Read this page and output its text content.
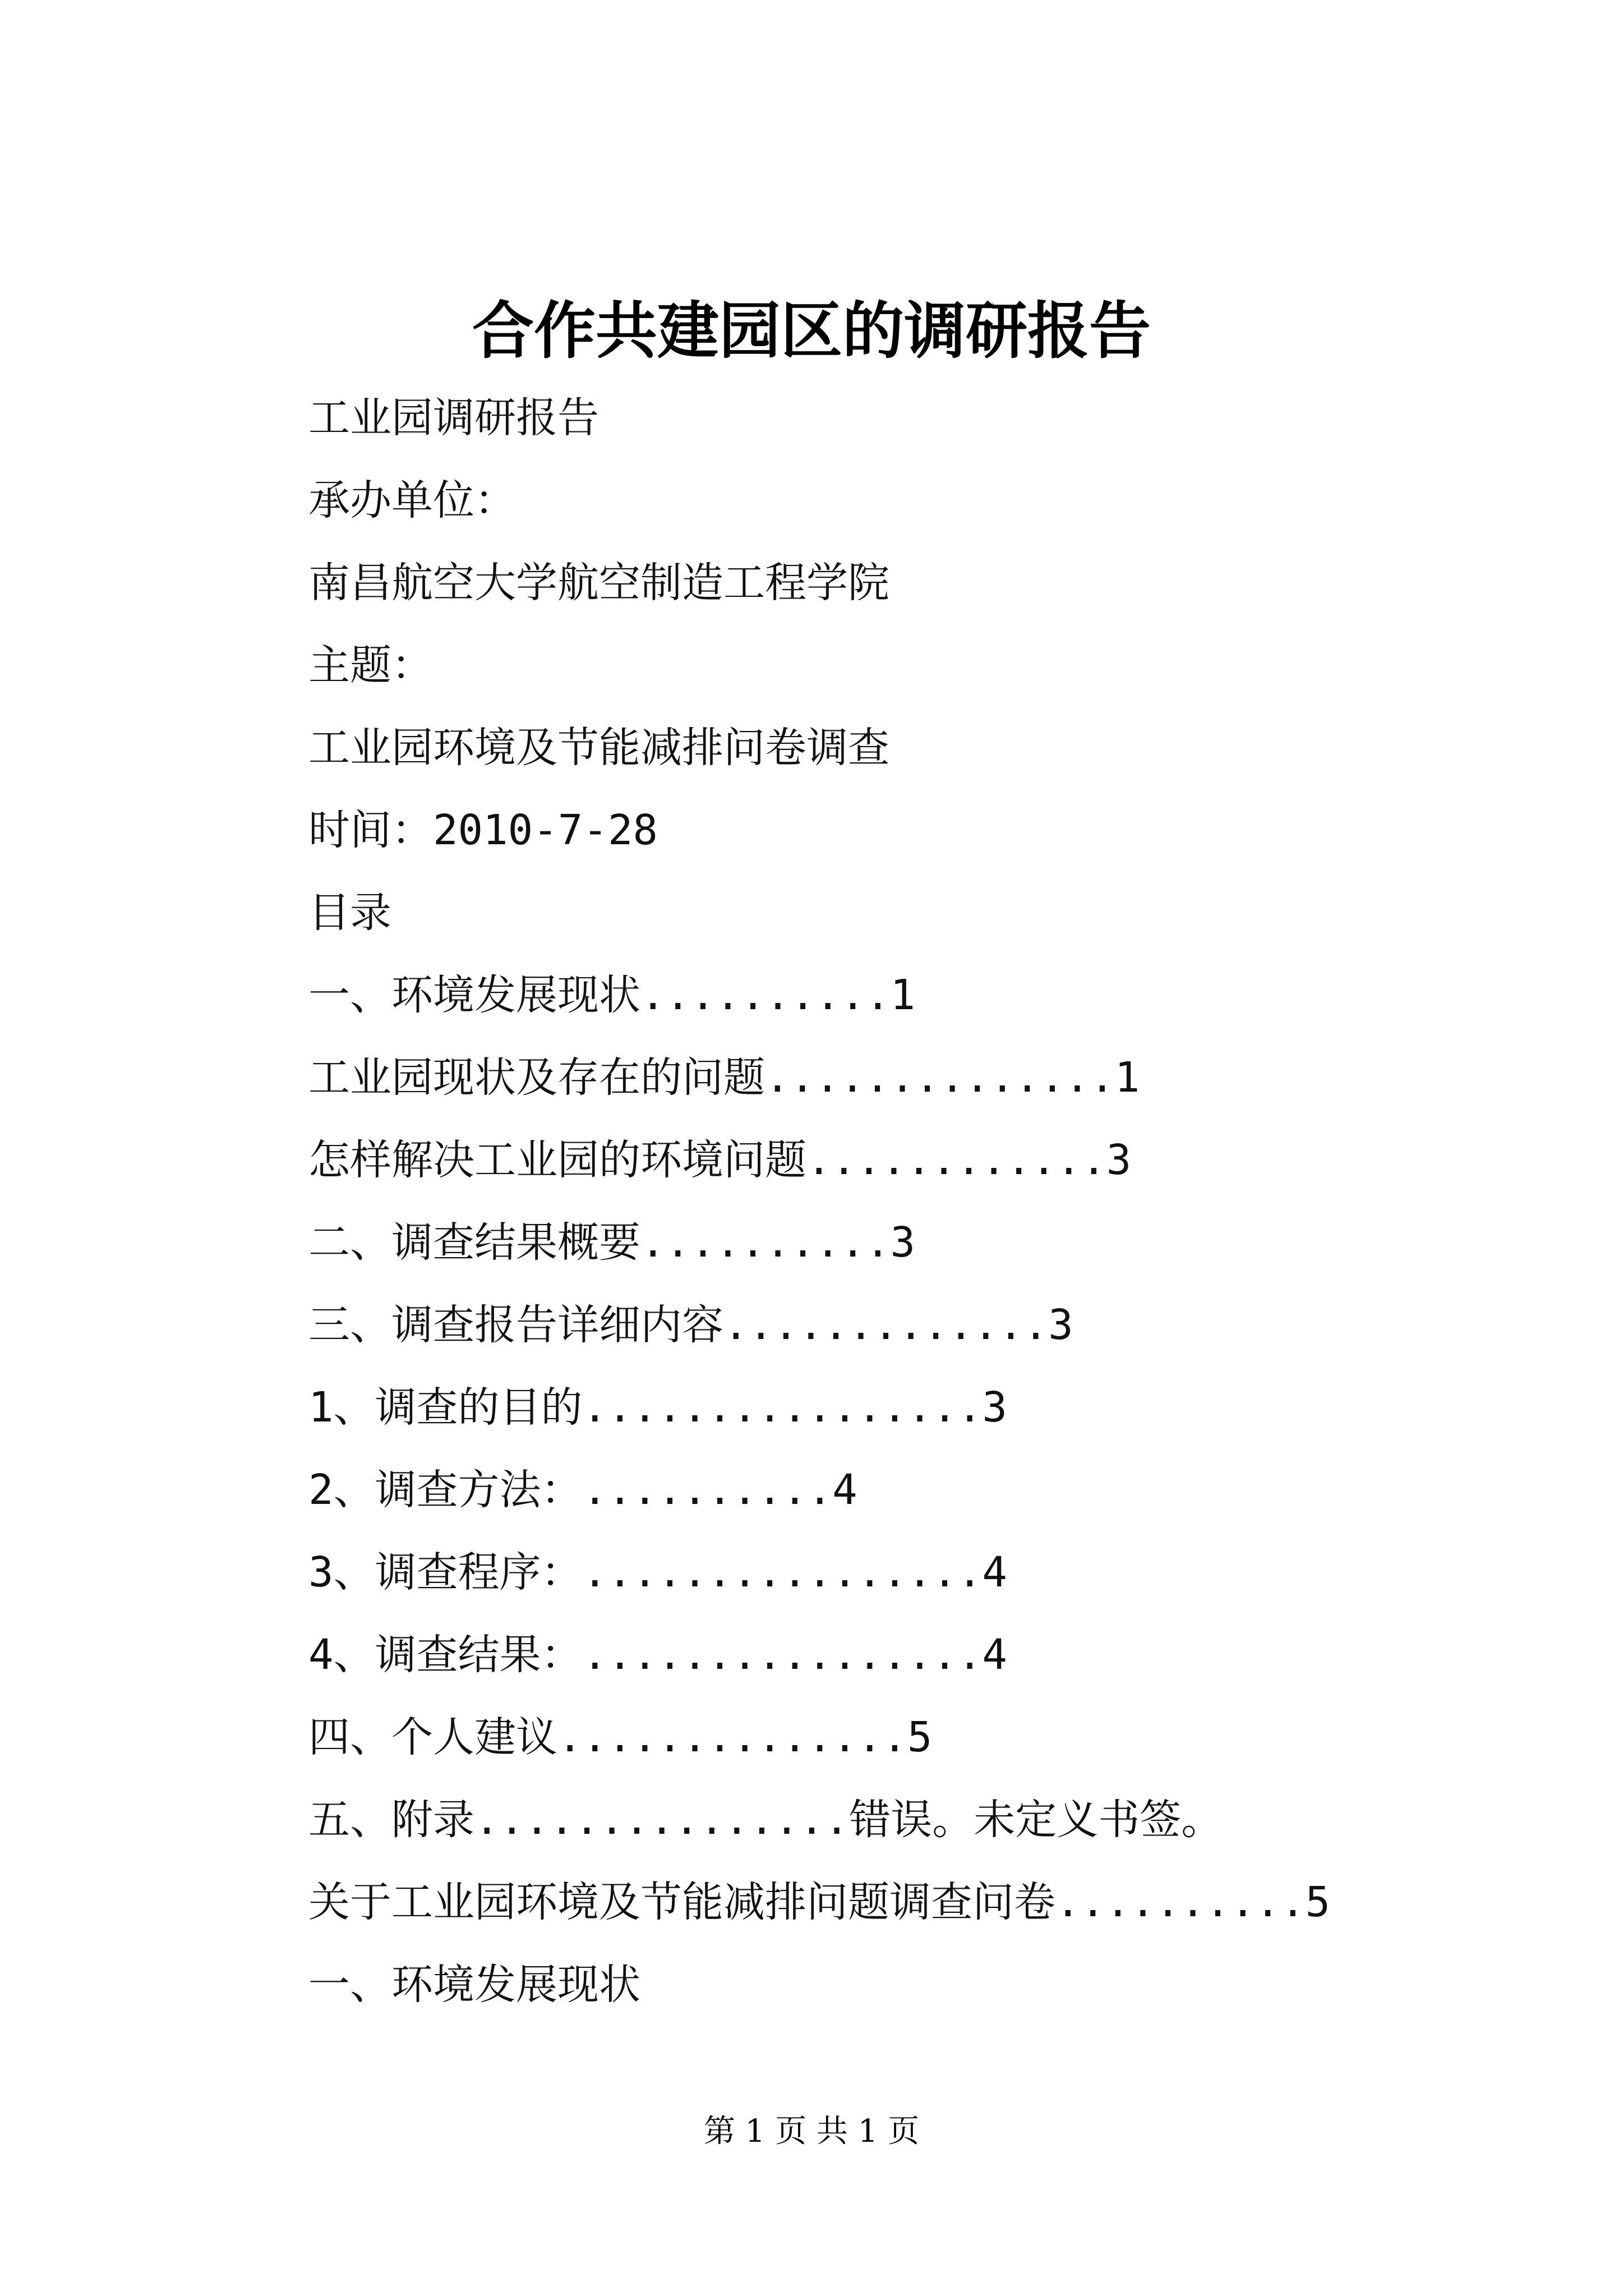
合作共建园区的调研报告
工业园调研报告
承办单位：
南昌航空大学航空制造工程学院
主题：
工业园环境及节能减排问卷调查
时间：2010-7-28
目录
一、环境发展现状..........1
工业园现状及存在的问题..............1
怎样解决工业园的环境问题............3
二、调查结果概要..........3
三、调查报告详细内容.............3
1、调查的目的................3
2、调查方法：..........4
3、调查程序：................4
4、调查结果：................4
四、个人建议..............5
五、附录...............错误。未定义书签。
关于工业园环境及节能减排问题调查问卷..........5
一、环境发展现状
第 1 页 共 1 页
